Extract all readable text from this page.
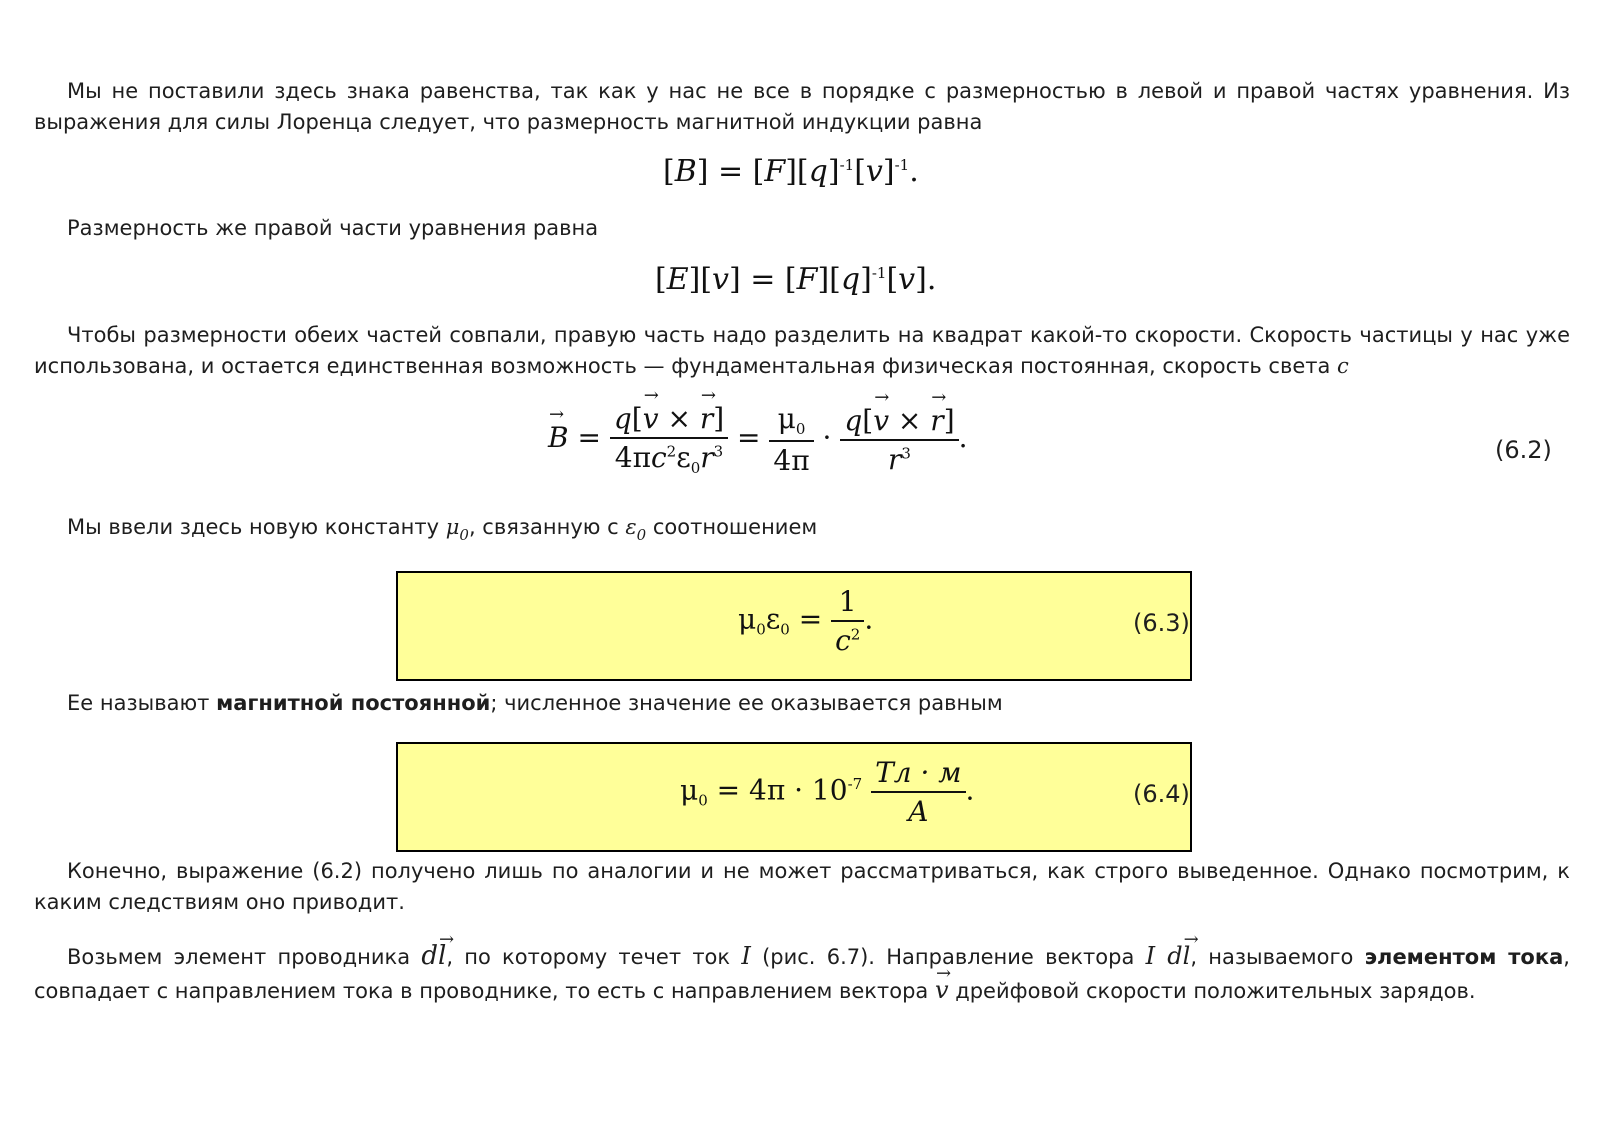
Мы не поставили здесь знака равенства, так как у нас не все в порядке с размерностью в левой и правой частях уравнения. Из выражения для силы Лоренца следует, что размерность магнитной индукции равна
$[B] = [F][q]^{-1}[v]^{-1}$.
Размерность же правой части уравнения равна
$[E][v] = [F][q]^{-1}[v]$.
Чтобы размерности обеих частей совпали, правую часть надо разделить на квадрат какой-то скорости. Скорость частицы у нас уже использована, и остается единственная возможность — фундаментальная физическая постоянная, скорость света c
→ $B = \frac{q[\to v \times \to r]}{4\pi c^2\varepsilon_0r^3} = \frac{\mu_0}{4\pi} \cdot \frac{q[\to v \times \to r]}{r^3}$ .	(6.2)
Мы ввели здесь новую константу $\mu_0$, связанную с $\varepsilon_0$ соотношением
$\mu_0\varepsilon_0 = \frac{1}{c^2}$ .	(6.3)
Ее называют магнитной постоянной; численное значение ее оказывается равным
$\mu_0 = 4\pi \cdot 10^{-7} \frac{Тл \cdot м}{А}$ .	(6.4)
Конечно, выражение (6.2) получено лишь по аналогии и не может рассматриваться, как строго выведенное. Однако посмотрим, к каким следствиям оно приводит.
Возьмем элемент проводника d→ l, по которому течет ток I (рис. 6.7). Направление вектора I d→ l, называемого элементом тока, совпадает с направлением тока в проводнике, то есть с направлением вектора → v дрейфовой скорости положительных зарядов.
